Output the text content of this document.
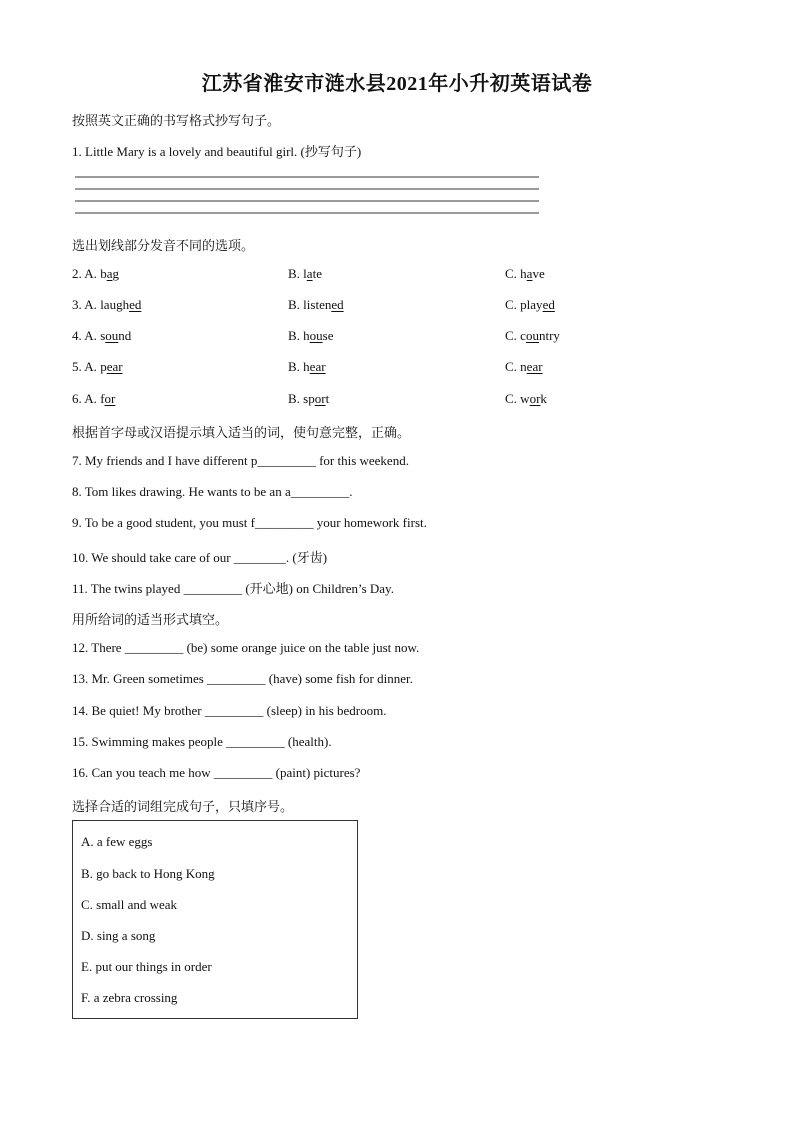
江苏省淮安市涟水县2021年小升初英语试卷
按照英文正确的书写格式抄写句子。
1. Little Mary is a lovely and beautiful girl. (抄写句子)
选出划线部分发音不同的选项。
2. A. bag	B. late	C. have
3. A. laughed	B. listened	C. played
4. A. sound	B. house	C. country
5. A. pear	B. hear	C. near
6. A. for	B. sport	C. work
根据首字母或汉语提示填入适当的词，使句意完整，正确。
7. My friends and I have different p_________ for this weekend.
8. Tom likes drawing. He wants to be an a_________.
9. To be a good student, you must f_________ your homework first.
10. We should take care of our ________. (牙齿)
11. The twins played _________ (开心地) on Children’s Day.
用所给词的适当形式填空。
12. There _________ (be) some orange juice on the table just now.
13. Mr. Green sometimes _________ (have) some fish for dinner.
14. Be quiet! My brother _________ (sleep) in his bedroom.
15. Swimming makes people _________ (health).
16. Can you teach me how _________ (paint) pictures?
选择合适的词组完成句子，只填序号。
A. a few eggs
B. go back to Hong Kong
C. small and weak
D. sing a song
E. put our things in order
F. a zebra crossing
